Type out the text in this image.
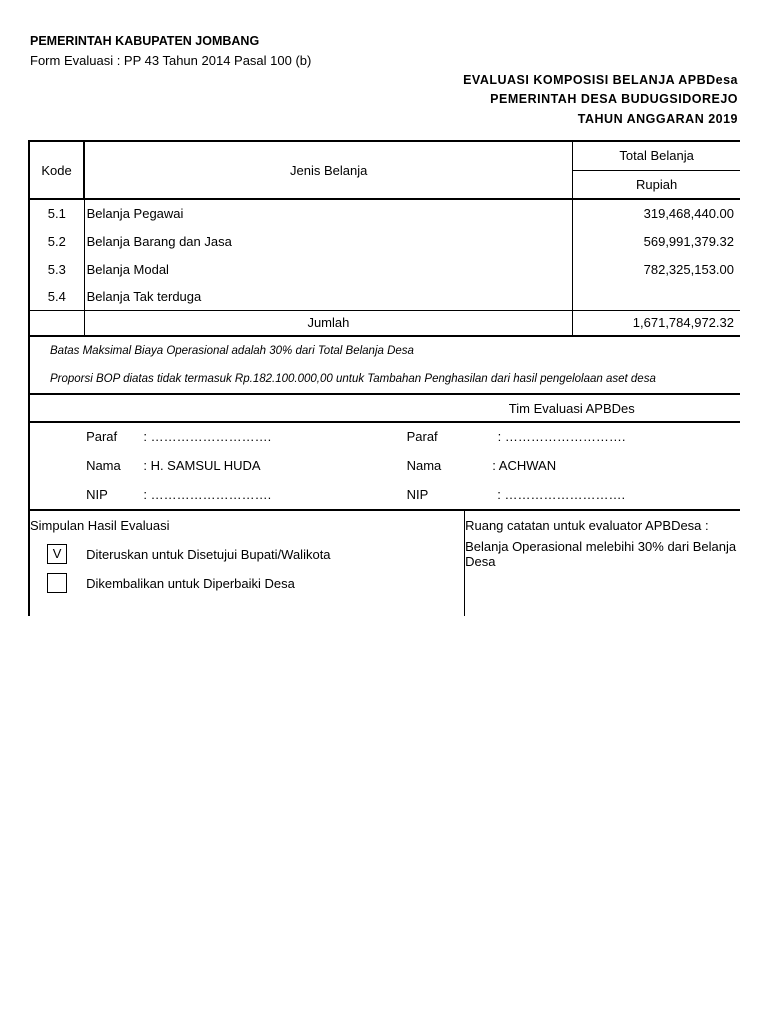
PEMERINTAH KABUPATEN JOMBANG
Form Evaluasi : PP 43 Tahun 2014 Pasal 100 (b)
EVALUASI KOMPOSISI BELANJA APBDesa
PEMERINTAH DESA BUDUGSIDOREJO
TAHUN ANGGARAN 2019
Kode	Jenis Belanja			Total Belanja
				Rupiah
5.1	Belanja Pegawai			319,468,440.00
5.2	Belanja Barang dan Jasa			569,991,379.32
5.3	Belanja Modal			782,325,153.00
5.4	Belanja Tak terduga			
	Jumlah			1,671,784,972.32
Batas Maksimal Biaya Operasional adalah 30% dari Total Belanja Desa				
Proporsi BOP diatas tidak termasuk Rp.182.100.000,00 untuk Tambahan Penghasilan dari hasil pengelolaan aset desa				
Tim Evaluasi APBDes				
	Paraf	: ……………………….	Paraf : ……………………….	
	Nama	: H. SAMSUL HUDA	Nama : ACHWAN	
	NIP	: ……………………….	NIP : ……………………….	
Simpulan Hasil Evaluasi			Ruang catatan untuk evaluator APBDesa :	
V	Diteruskan untuk Disetujui Bupati/Walikota		Belanja Operasional melebihi 30% dari Belanja Desa	
	Dikembalikan untuk Diperbaiki Desa			
